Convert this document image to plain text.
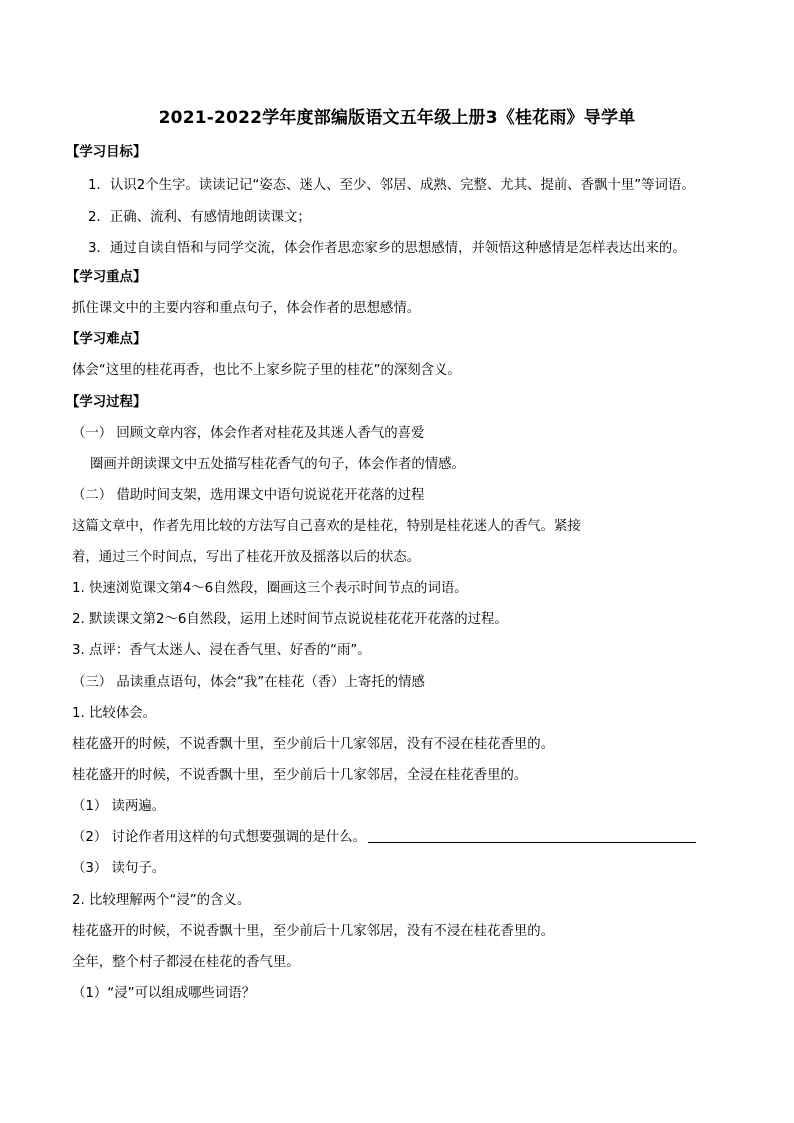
2021-2022学年度部编版语文五年级上册3《桂花雨》导学单
【学习目标】
1．认识2个生字。读读记记“姿态、迷人、至少、邻居、成熟、完整、尤其、提前、香飘十里”等词语。
2．正确、流利、有感情地朗读课文；
3．通过自读自悟和与同学交流，体会作者思恋家乡的思想感情，并领悟这种感情是怎样表达出来的。
【学习重点】
抓住课文中的主要内容和重点句子，体会作者的思想感情。
【学习难点】
体会“这里的桂花再香，也比不上家乡院子里的桂花”的深刻含义。
【学习过程】
（一） 回顾文章内容，体会作者对桂花及其迷人香气的喜爱
圈画并朗读课文中五处描写桂花香气的句子，体会作者的情感。
（二） 借助时间支架，选用课文中语句说说花开花落的过程
这篇文章中，作者先用比较的方法写自己喜欢的是桂花，特别是桂花迷人的香气。紧接
着，通过三个时间点，写出了桂花开放及摇落以后的状态。
1. 快速浏览课文第4～6自然段，圈画这三个表示时间节点的词语。
2. 默读课文第2～6自然段，运用上述时间节点说说桂花花开花落的过程。
3. 点评：香气太迷人、浸在香气里、好香的“雨”。
（三） 品读重点语句，体会“我”在桂花（香）上寄托的情感
1. 比较体会。
桂花盛开的时候，不说香飘十里，至少前后十几家邻居，没有不浸在桂花香里的。
桂花盛开的时候，不说香飘十里，至少前后十几家邻居，全浸在桂花香里的。
（1） 读两遍。
（2） 讨论作者用这样的句式想要强调的是什么。
（3） 读句子。
2. 比较理解两个“浸”的含义。
桂花盛开的时候，不说香飘十里，至少前后十几家邻居，没有不浸在桂花香里的。
全年，整个村子都浸在桂花的香气里。
（1）“浸”可以组成哪些词语？
